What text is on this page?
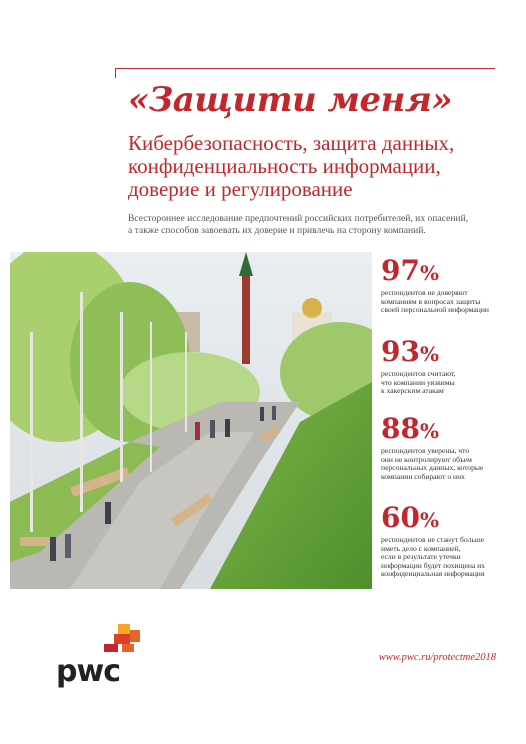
«Защити меня»
Кибербезопасность, защита данных,
конфиденциальность информации,
доверие и регулирование
Всестороннее исследование предпочтений российских потребителей, их опасений,
а также способов завоевать их доверие и привлечь на сторону компаний.
97%
респондентов не доверяют
компаниям в вопросах защиты
своей персональной информации
93%
респондентов считают,
что компании уязвимы
к хакерским атакам
88%
респондентов уверены, что
они не контролируют объем
персональных данных, которые
компании собирают о них
60%
респондентов не станут больше
иметь дело с компанией,
если в результате утечки
информации будет похищена их
конфиденциальная информация
pwc	www.pwc.ru/protectme2018
